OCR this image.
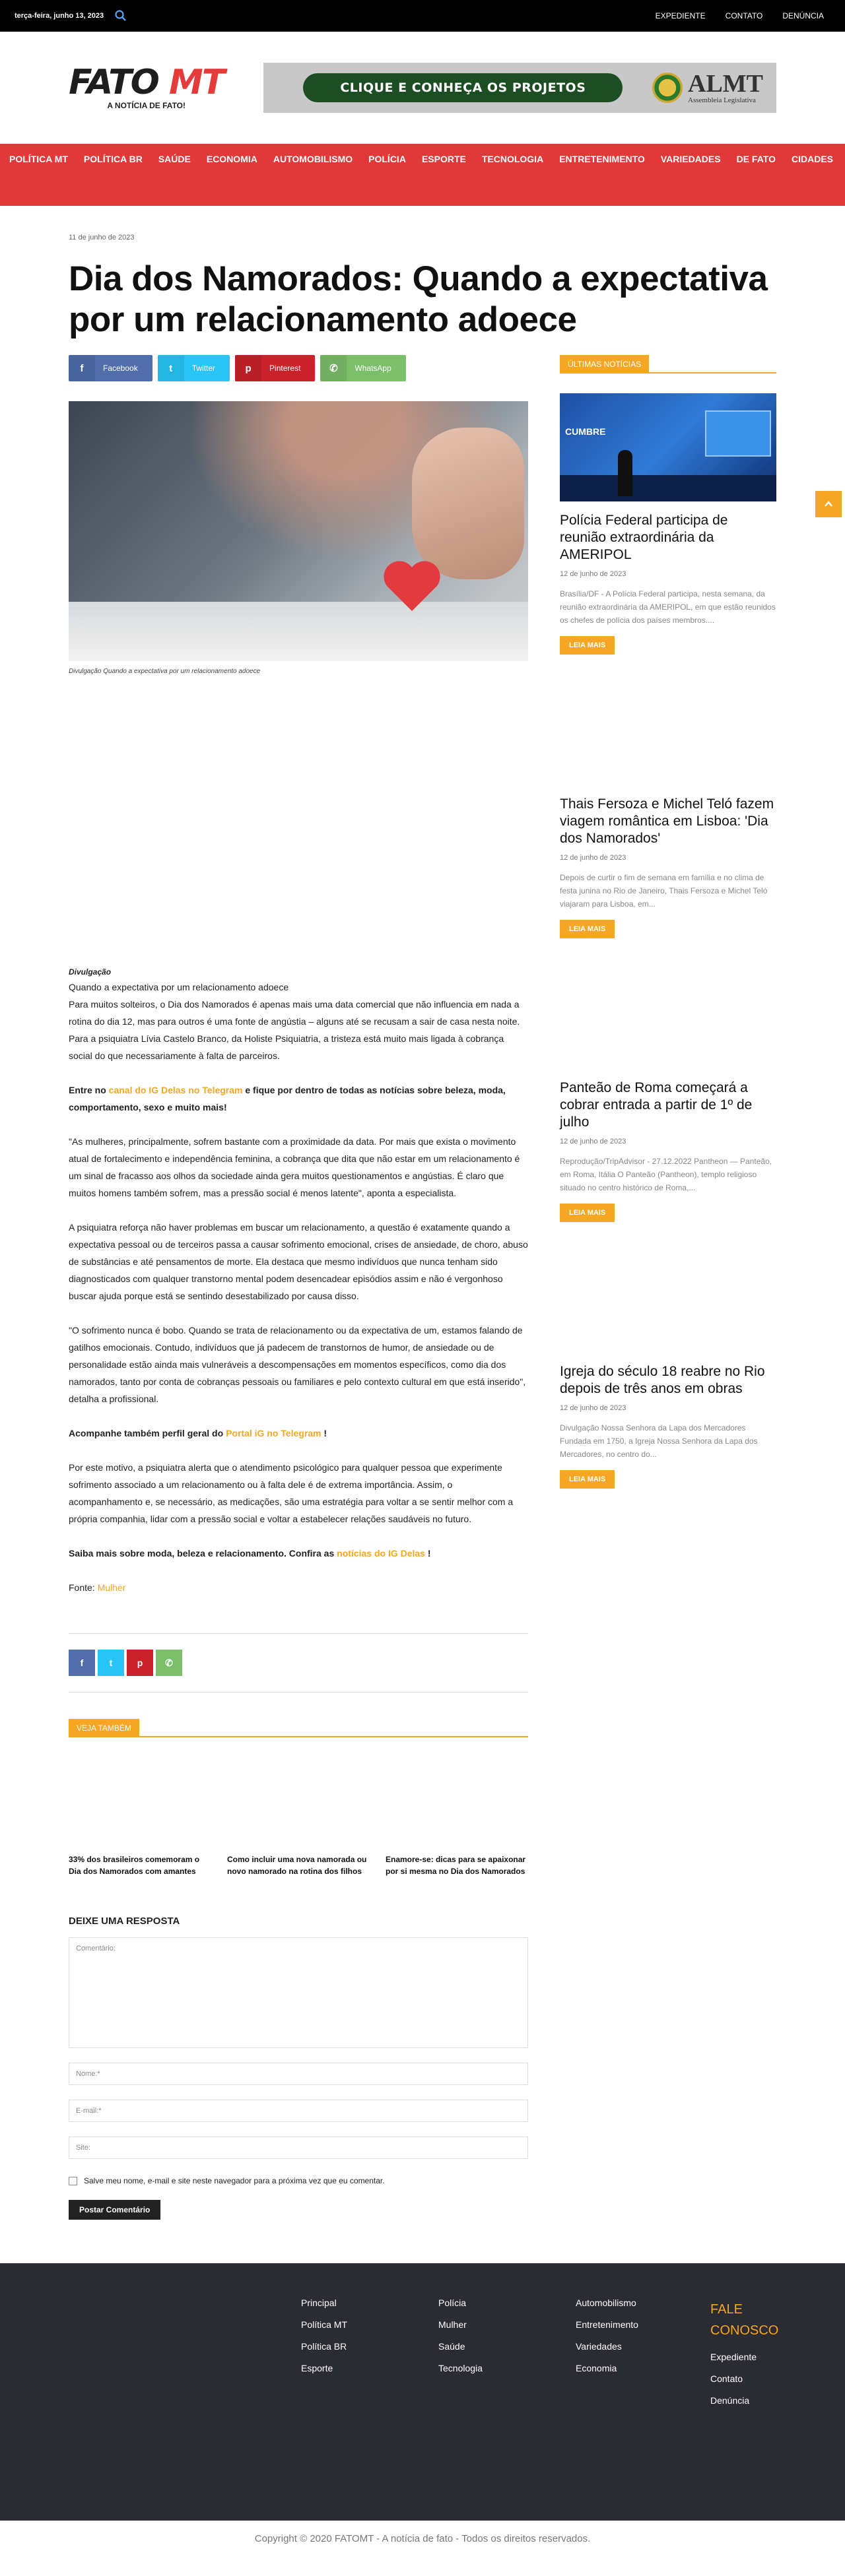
terça-feira, junho 13, 2023	EXPEDIENTE	CONTATO	DENÚNCIA
FATO MT
A NOTÍCIA DE FATO!
CLIQUE E CONHEÇA OS PROJETOS	ALMT
Assembleia Legislativa
POLÍTICA MT	POLÍTICA BR	SAÚDE	ECONOMIA	AUTOMOBILISMO	POLÍCIA	ESPORTE	TECNOLOGIA	ENTRETENIMENTO	VARIEDADES	DE FATO	CIDADES
11 de junho de 2023
Dia dos Namorados: Quando a expectativa por um relacionamento adoece
f	Facebook	t	Twitter	p	Pinterest	✆	WhatsApp
Divulgação Quando a expectativa por um relacionamento adoece

Divulgação

Quando a expectativa por um relacionamento adoece

Para muitos solteiros, o Dia dos Namorados é apenas mais uma data comercial que não influencia em nada a rotina do dia 12, mas para outros é uma fonte de angústia – alguns até se recusam a sair de casa nesta noite. Para a psiquiatra Lívia Castelo Branco, da Holiste Psiquiatria, a tristeza está muito mais ligada à cobrança social do que necessariamente à falta de parceiros.

Entre no canal do IG Delas no Telegram e fique por dentro de todas as notícias sobre beleza, moda, comportamento, sexo e muito mais!

"As mulheres, principalmente, sofrem bastante com a proximidade da data. Por mais que exista o movimento atual de fortalecimento e independência feminina, a cobrança que dita que não estar em um relacionamento é um sinal de fracasso aos olhos da sociedade ainda gera muitos questionamentos e angústias. É claro que muitos homens também sofrem, mas a pressão social é menos latente", aponta a especialista.

A psiquiatra reforça não haver problemas em buscar um relacionamento, a questão é exatamente quando a expectativa pessoal ou de terceiros passa a causar sofrimento emocional, crises de ansiedade, de choro, abuso de substâncias e até pensamentos de morte. Ela destaca que mesmo indivíduos que nunca tenham sido diagnosticados com qualquer transtorno mental podem desencadear episódios assim e não é vergonhoso buscar ajuda porque está se sentindo desestabilizado por causa disso.

"O sofrimento nunca é bobo. Quando se trata de relacionamento ou da expectativa de um, estamos falando de gatilhos emocionais. Contudo, indivíduos que já padecem de transtornos de humor, de ansiedade ou de personalidade estão ainda mais vulneráveis a descompensações em momentos específicos, como dia dos namorados, tanto por conta de cobranças pessoais ou familiares e pelo contexto cultural em que está inserido", detalha a profissional.

Acompanhe também perfil geral do Portal iG no Telegram !

Por este motivo, a psiquiatra alerta que o atendimento psicológico para qualquer pessoa que experimente sofrimento associado a um relacionamento ou à falta dele é de extrema importância. Assim, o acompanhamento e, se necessário, as medicações, são uma estratégia para voltar a se sentir melhor com a própria companhia, lidar com a pressão social e voltar a estabelecer relações saudáveis no futuro.

Saiba mais sobre moda, beleza e relacionamento. Confira as notícias do IG Delas !

Fonte: Mulher

f	t	p	✆
VEJA TAMBÉM
33% dos brasileiros comemoram o Dia dos Namorados com amantes
Como incluir uma nova namorada ou novo namorado na rotina dos filhos
Enamore-se: dicas para se apaixonar por si mesma no Dia dos Namorados
DEIXE UMA RESPOSTA
Comentário:
Nome:*
E-mail:*
Site:
Salve meu nome, e-mail e site neste navegador para a próxima vez que eu comentar.
Postar Comentário
ÚLTIMAS NOTÍCIAS
CUMBRE
Polícia Federal participa de reunião extraordinária da AMERIPOL
12 de junho de 2023
Brasília/DF - A Polícia Federal participa, nesta semana, da reunião extraordinária da AMERIPOL, em que estão reunidos os chefes de polícia dos países membros....
LEIA MAIS
Thais Fersoza e Michel Teló fazem viagem romântica em Lisboa: 'Dia dos Namorados'
12 de junho de 2023
Depois de curtir o fim de semana em família e no clima de festa junina no Rio de Janeiro, Thais Fersoza e Michel Teló viajaram para Lisboa, em...
LEIA MAIS
Panteão de Roma começará a cobrar entrada a partir de 1º de julho
12 de junho de 2023
Reprodução/TripAdvisor - 27.12.2022 Pantheon — Panteão, em Roma, Itália O Panteão (Pantheon), templo religioso situado no centro histórico de Roma,...
LEIA MAIS
Igreja do século 18 reabre no Rio depois de três anos em obras
12 de junho de 2023
Divulgação Nossa Senhora da Lapa dos Mercadores Fundada em 1750, a Igreja Nossa Senhora da Lapa dos Mercadores, no centro do...
LEIA MAIS
Principal
Política MT
Política BR
Esporte
Polícia
Mulher
Saúde
Tecnologia
Automobilismo
Entretenimento
Variedades
Economia
FALE
CONOSCO
Expediente
Contato
Denúncia
Copyright © 2020 FATOMT - A notícia de fato - Todos os direitos reservados.
